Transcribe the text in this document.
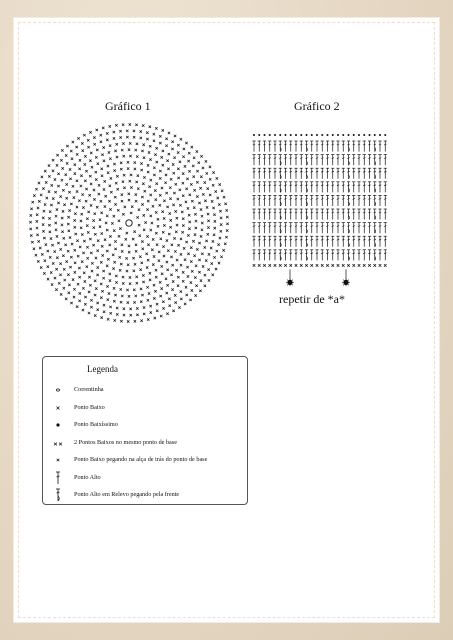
Gráfico 1	Gráfico 2
repetir de *a*
Legenda
Correntinha
Ponto Baixo
Ponto Baixíssimo
2 Pontos Baixos no mesmo ponto de base
Ponto Baixo pegando na alça de trás do ponto de base
Ponto Alto
Ponto Alto em Relevo pegando pela frente
